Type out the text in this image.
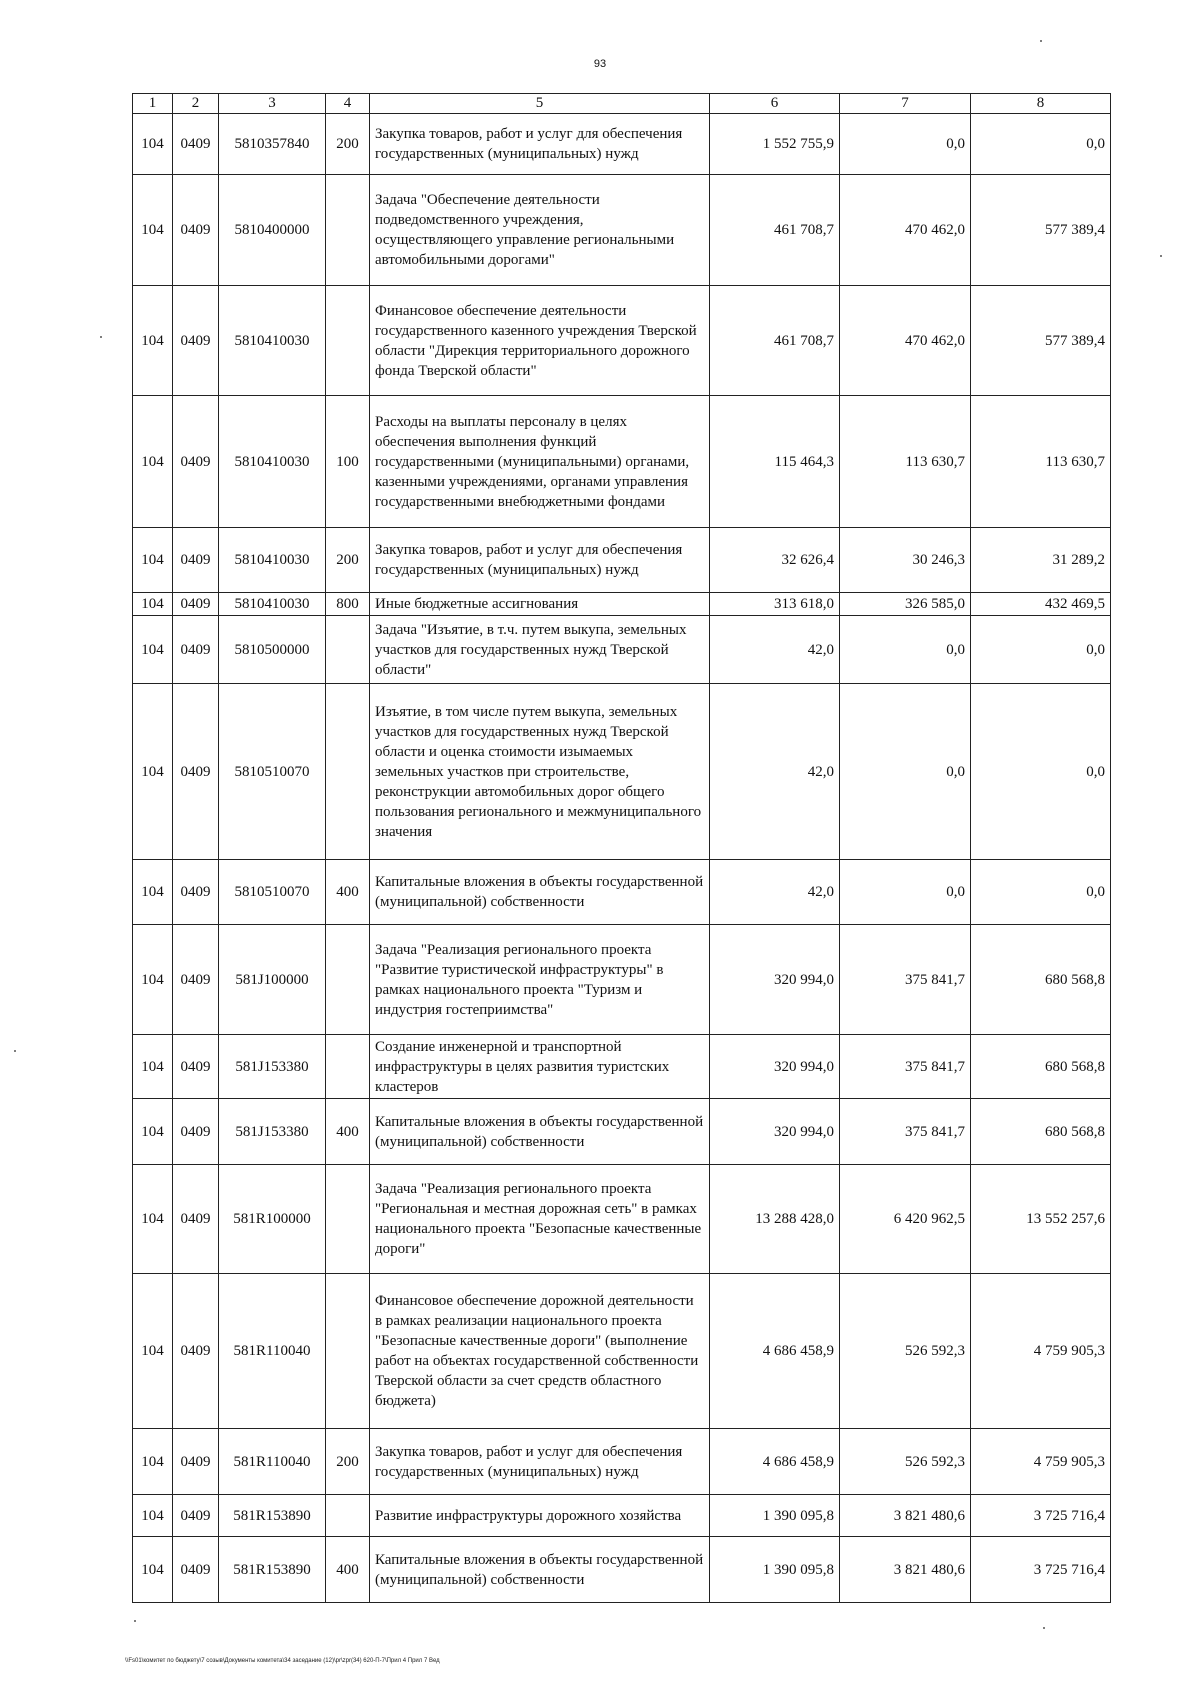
93
1	2	3	4	5	6	7	8
104	0409	5810357840	200	Закупка товаров, работ и услуг для обеспечения государственных (муниципальных) нужд	1 552 755,9	0,0	0,0
104	0409	5810400000		Задача "Обеспечение деятельности подведомственного учреждения, осуществляющего управление региональными автомобильными дорогами"	461 708,7	470 462,0	577 389,4
104	0409	5810410030		Финансовое обеспечение деятельности государственного казенного учреждения Тверской области "Дирекция территориального дорожного фонда Тверской области"	461 708,7	470 462,0	577 389,4
104	0409	5810410030	100	Расходы на выплаты персоналу в целях обеспечения выполнения функций государственными (муниципальными) органами, казенными учреждениями, органами управления государственными внебюджетными фондами	115 464,3	113 630,7	113 630,7
104	0409	5810410030	200	Закупка товаров, работ и услуг для обеспечения государственных (муниципальных) нужд	32 626,4	30 246,3	31 289,2
104	0409	5810410030	800	Иные бюджетные ассигнования	313 618,0	326 585,0	432 469,5
104	0409	5810500000		Задача "Изъятие, в т.ч. путем выкупа, земельных участков для государственных нужд Тверской области"	42,0	0,0	0,0
104	0409	5810510070		Изъятие, в том числе путем выкупа, земельных участков для государственных нужд Тверской области и оценка стоимости изымаемых земельных участков при строительстве, реконструкции автомобильных дорог общего пользования регионального и межмуниципального значения	42,0	0,0	0,0
104	0409	5810510070	400	Капитальные вложения в объекты государственной (муниципальной) собственности	42,0	0,0	0,0
104	0409	581J100000		Задача "Реализация регионального проекта "Развитие туристической инфраструктуры" в рамках национального проекта "Туризм и индустрия гостеприимства"	320 994,0	375 841,7	680 568,8
104	0409	581J153380		Создание инженерной и транспортной инфраструктуры в целях развития туристских кластеров	320 994,0	375 841,7	680 568,8
104	0409	581J153380	400	Капитальные вложения в объекты государственной (муниципальной) собственности	320 994,0	375 841,7	680 568,8
104	0409	581R100000		Задача "Реализация регионального проекта "Региональная и местная дорожная сеть" в рамках национального проекта "Безопасные качественные дороги"	13 288 428,0	6 420 962,5	13 552 257,6
104	0409	581R110040		Финансовое обеспечение дорожной деятельности в рамках реализации национального проекта "Безопасные качественные дороги" (выполнение работ на объектах государственной собственности Тверской области за счет средств областного бюджета)	4 686 458,9	526 592,3	4 759 905,3
104	0409	581R110040	200	Закупка товаров, работ и услуг для обеспечения государственных (муниципальных) нужд	4 686 458,9	526 592,3	4 759 905,3
104	0409	581R153890		Развитие инфраструктуры дорожного хозяйства	1 390 095,8	3 821 480,6	3 725 716,4
104	0409	581R153890	400	Капитальные вложения в объекты государственной (муниципальной) собственности	1 390 095,8	3 821 480,6	3 725 716,4
\\Fs01\комитет по бюджету\7 созыв\Документы комитета\34 заседание (12)\pr\zpr(34) 620-П-7\Прил 4 Прил 7 Вед
